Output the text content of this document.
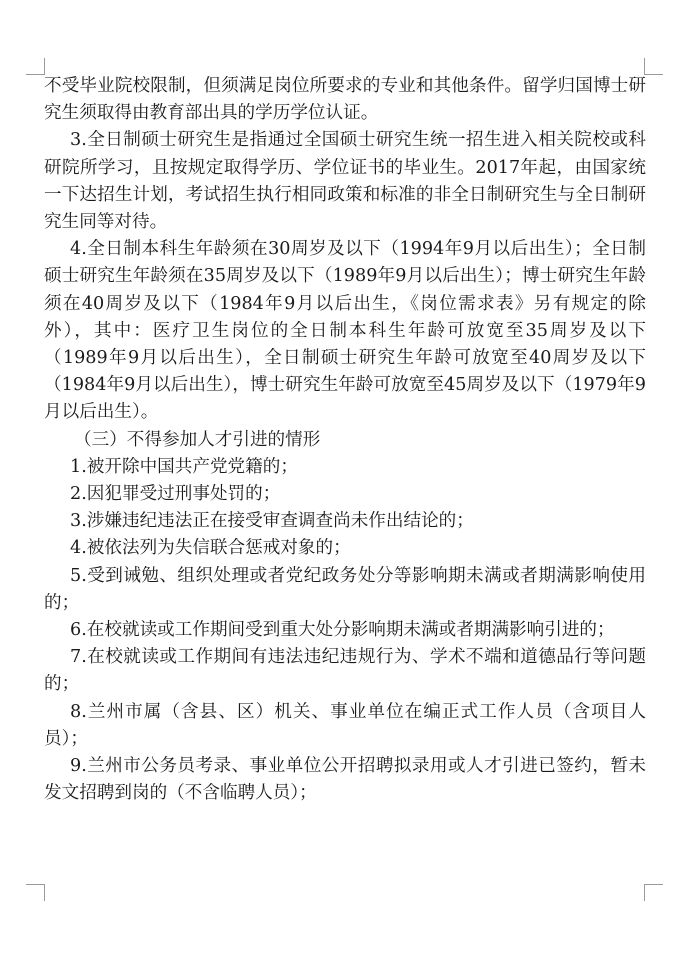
不受毕业院校限制，但须满足岗位所要求的专业和其他条件。留学归国博士研究生须取得由教育部出具的学历学位认证。

3.全日制硕士研究生是指通过全国硕士研究生统一招生进入相关院校或科研院所学习，且按规定取得学历、学位证书的毕业生。2017年起，由国家统一下达招生计划，考试招生执行相同政策和标准的非全日制研究生与全日制研究生同等对待。

4.全日制本科生年龄须在30周岁及以下（1994年9月以后出生）；全日制硕士研究生年龄须在35周岁及以下（1989年9月以后出生）；博士研究生年龄须在40周岁及以下（1984年9月以后出生，《岗位需求表》另有规定的除外），其中：医疗卫生岗位的全日制本科生年龄可放宽至35周岁及以下（1989年9月以后出生），全日制硕士研究生年龄可放宽至40周岁及以下（1984年9月以后出生），博士研究生年龄可放宽至45周岁及以下（1979年9月以后出生）。

（三）不得参加人才引进的情形

1.被开除中国共产党党籍的；

2.因犯罪受过刑事处罚的；

3.涉嫌违纪违法正在接受审查调查尚未作出结论的；

4.被依法列为失信联合惩戒对象的；

5.受到诫勉、组织处理或者党纪政务处分等影响期未满或者期满影响使用的；

6.在校就读或工作期间受到重大处分影响期未满或者期满影响引进的；

7.在校就读或工作期间有违法违纪违规行为、学术不端和道德品行等问题的；

8.兰州市属（含县、区）机关、事业单位在编正式工作人员（含项目人员）；

9.兰州市公务员考录、事业单位公开招聘拟录用或人才引进已签约，暂未发文招聘到岗的（不含临聘人员）；
